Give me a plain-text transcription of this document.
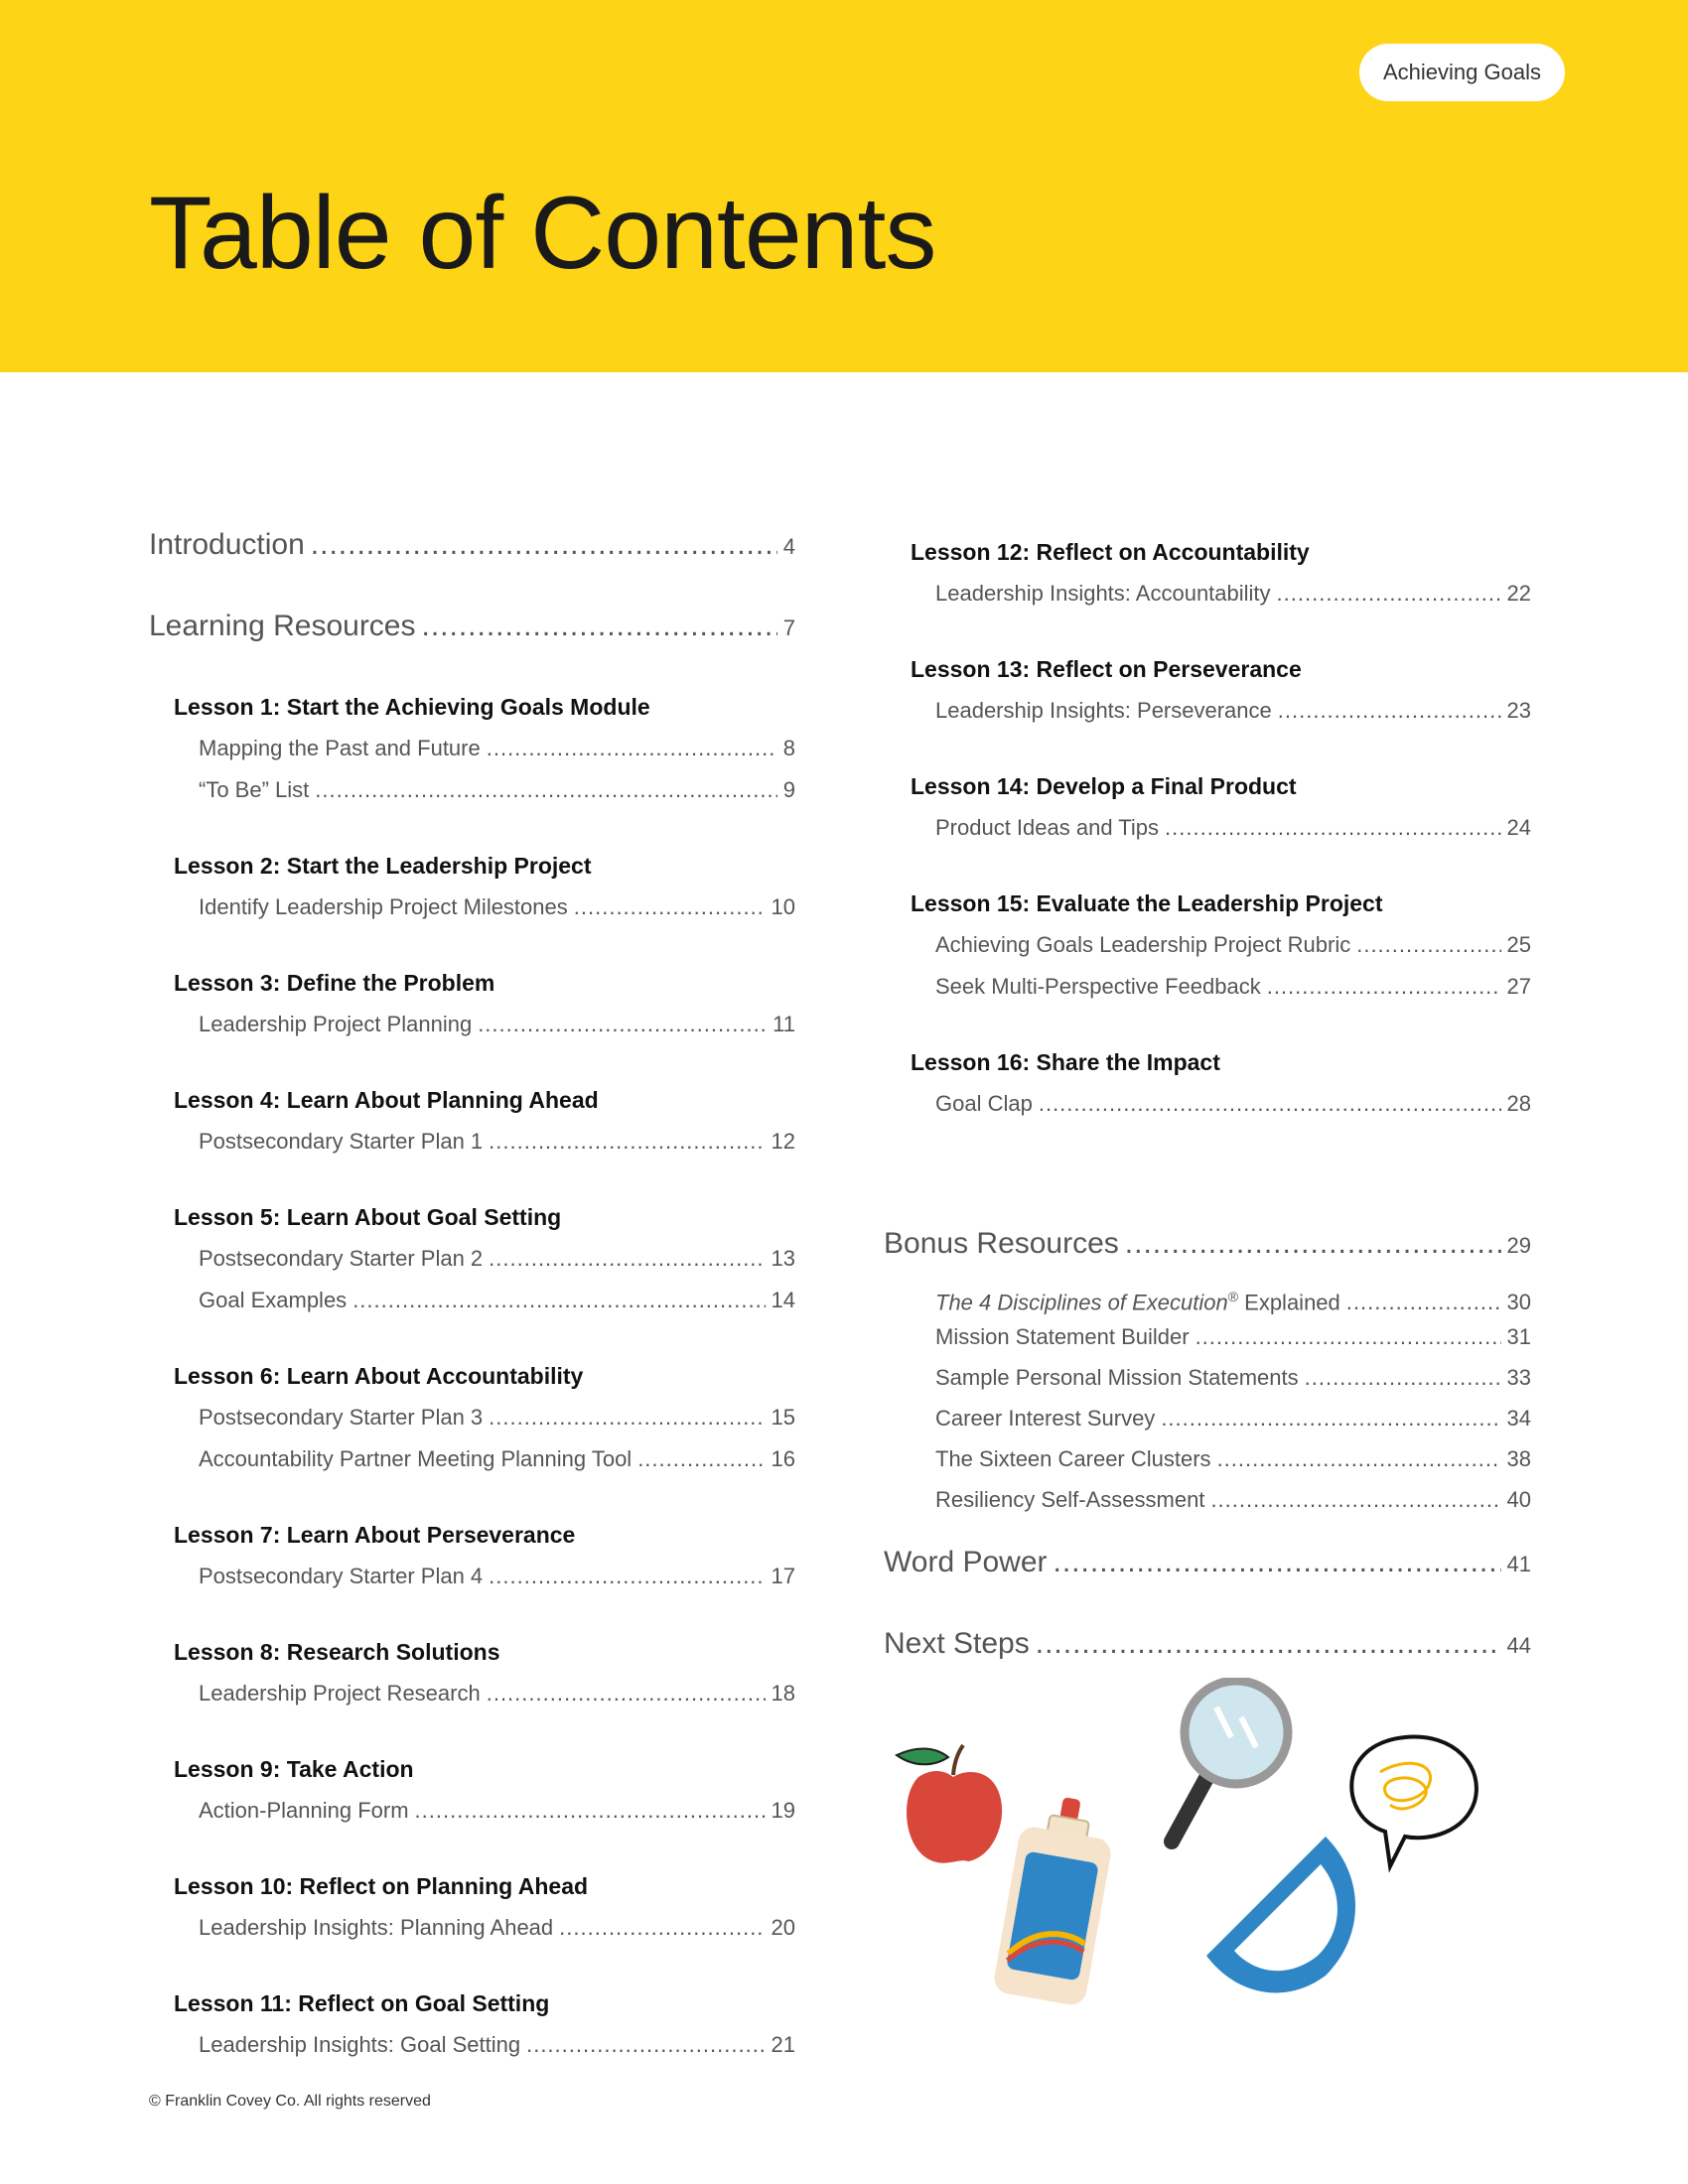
Achieving Goals
Table of Contents
Introduction .....	4
Learning Resources .....	7
Lesson 1: Start the Achieving Goals Module
Mapping the Past and Future .....	8
“To Be” List .....	9
Lesson 2: Start the Leadership Project
Identify Leadership Project Milestones .....	10
Lesson 3: Define the Problem
Leadership Project Planning .....	11
Lesson 4: Learn About Planning Ahead
Postsecondary Starter Plan 1 .....	12
Lesson 5: Learn About Goal Setting
Postsecondary Starter Plan 2 .....	13
Goal Examples .....	14
Lesson 6: Learn About Accountability
Postsecondary Starter Plan 3 .....	15
Accountability Partner Meeting Planning Tool .....	16
Lesson 7: Learn About Perseverance
Postsecondary Starter Plan 4 .....	17
Lesson 8: Research Solutions
Leadership Project Research .....	18
Lesson 9: Take Action
Action-Planning Form .....	19
Lesson 10: Reflect on Planning Ahead
Leadership Insights: Planning Ahead .....	20
Lesson 11: Reflect on Goal Setting
Leadership Insights: Goal Setting .....	21
Lesson 12: Reflect on Accountability
Leadership Insights: Accountability .....	22
Lesson 13: Reflect on Perseverance
Leadership Insights: Perseverance .....	23
Lesson 14: Develop a Final Product
Product Ideas and Tips .....	24
Lesson 15: Evaluate the Leadership Project
Achieving Goals Leadership Project Rubric .....	25
Seek Multi-Perspective Feedback .....	27
Lesson 16: Share the Impact
Goal Clap .....	28
Bonus Resources .....	29
The 4 Disciplines of Execution® Explained .....	30
Mission Statement Builder .....	31
Sample Personal Mission Statements .....	33
Career Interest Survey .....	34
The Sixteen Career Clusters .....	38
Resiliency Self-Assessment .....	40
Word Power .....	41
Next Steps .....	44
© Franklin Covey Co. All rights reserved
